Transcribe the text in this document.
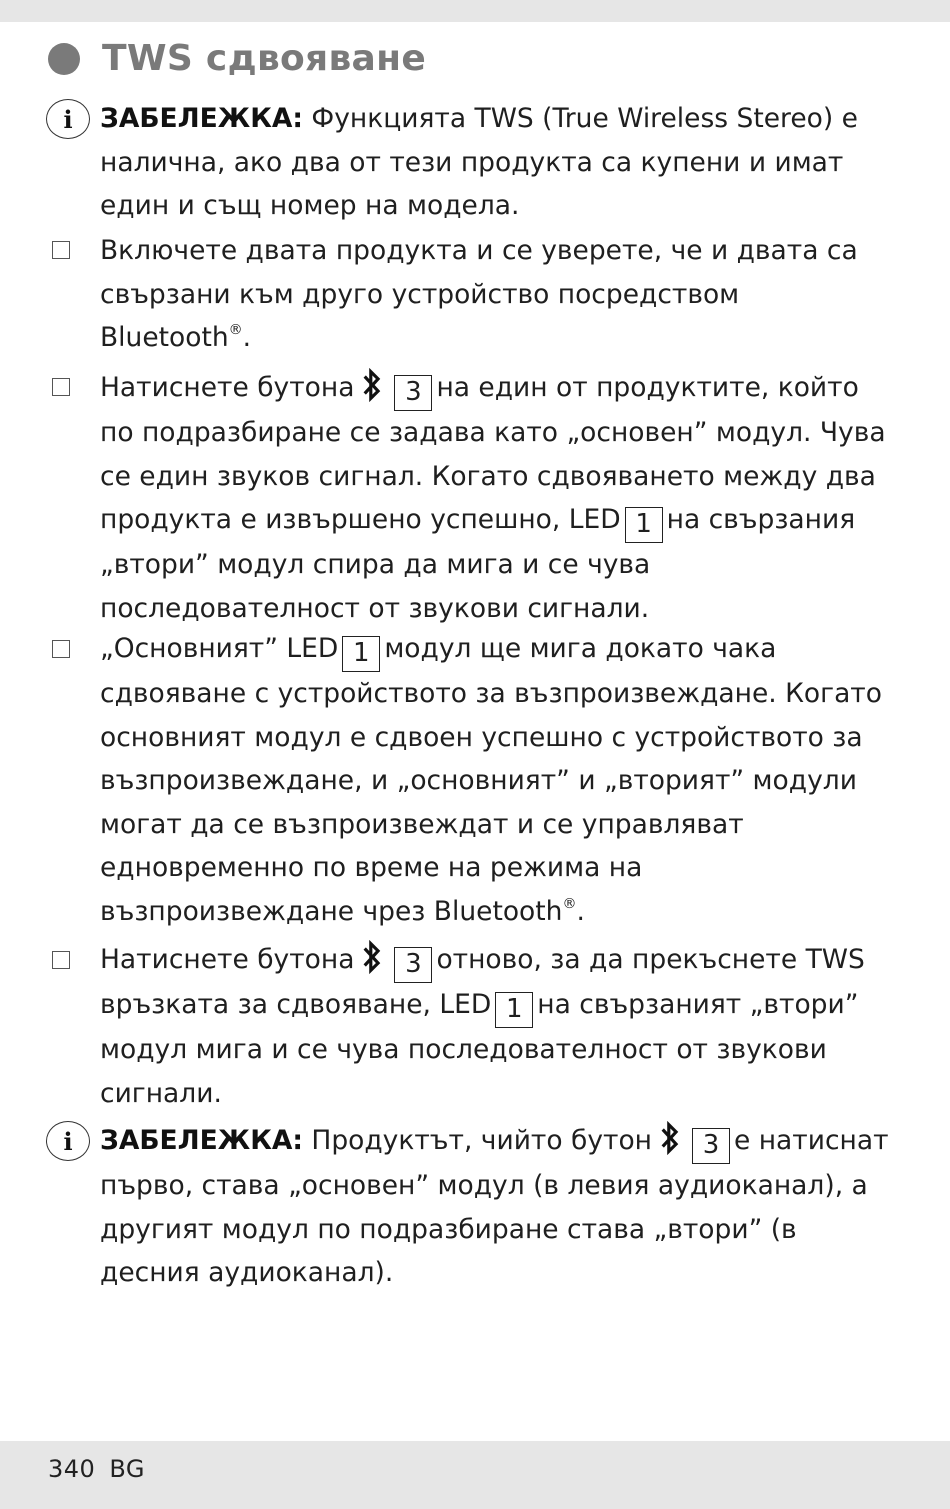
TWS сдвояване
i	ЗАБЕЛЕЖКА: Функцията TWS (True Wireless Stereo) е налична, ако два от тези продукта са купени и имат един и същ номер на модела.
Включете двата продукта и се уверете, че и двата са свързани към друго устройство посредством Bluetooth®.
Натиснете бутона 3 на един от продуктите, който по подразбиране се задава като „основен” модул. Чува се един звуков сигнал. Когато сдвояването между два продукта е извършено успешно, LED 1 на свързания „втори” модул спира да мига и се чува последователност от звукови сигнали.
„Основният” LED 1 модул ще мига докато чака сдвояване с устройството за възпроизвеждане. Когато основният модул е сдвоен успешно с устройството за възпроизвеждане, и „основният” и „вторият” модули могат да се възпроизвеждат и се управляват едновременно по време на режима на възпроизвеждане чрез Bluetooth®.
Натиснете бутона 3 отново, за да прекъснете TWS връзката за сдвояване, LED 1 на свързаният „втори” модул мига и се чува последователност от звукови сигнали.
i	ЗАБЕЛЕЖКА: Продуктът, чийто бутон 3 е натиснат първо, става „основен” модул (в левия аудиоканал), а другият модул по подразбиране става „втори” (в десния аудиоканал).
340 BG
